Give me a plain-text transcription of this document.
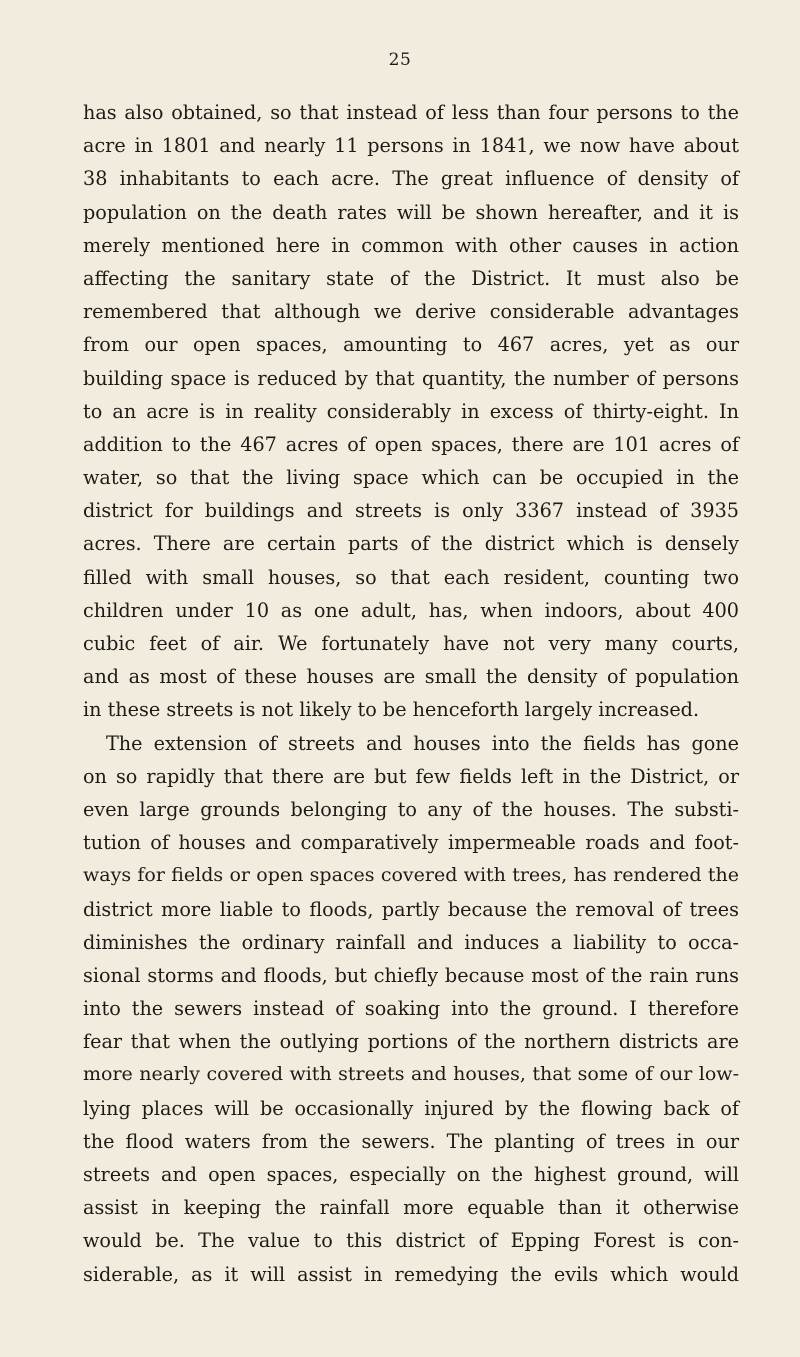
25
has also obtained, so that instead of less than four persons to the
acre in 1801 and nearly 11 persons in 1841, we now have about
38 inhabitants to each acre. The great influence of density of
population on the death rates will be shown hereafter, and it is
merely mentioned here in common with other causes in action
affecting the sanitary state of the District. It must also be
remembered that although we derive considerable advantages
from our open spaces, amounting to 467 acres, yet as our
building space is reduced by that quantity, the number of persons
to an acre is in reality considerably in excess of thirty-eight. In
addition to the 467 acres of open spaces, there are 101 acres of
water, so that the living space which can be occupied in the
district for buildings and streets is only 3367 instead of 3935
acres. There are certain parts of the district which is densely
filled with small houses, so that each resident, counting two
children under 10 as one adult, has, when indoors, about 400
cubic feet of air. We fortunately have not very many courts,
and as most of these houses are small the density of population
in these streets is not likely to be henceforth largely increased.
The extension of streets and houses into the fields has gone
on so rapidly that there are but few fields left in the District, or
even large grounds belonging to any of the houses. The substi-
tution of houses and comparatively impermeable roads and foot-
ways for fields or open spaces covered with trees, has rendered the
district more liable to floods, partly because the removal of trees
diminishes the ordinary rainfall and induces a liability to occa-
sional storms and floods, but chiefly because most of the rain runs
into the sewers instead of soaking into the ground. I therefore
fear that when the outlying portions of the northern districts are
more nearly covered with streets and houses, that some of our low-
lying places will be occasionally injured by the flowing back of
the flood waters from the sewers. The planting of trees in our
streets and open spaces, especially on the highest ground, will
assist in keeping the rainfall more equable than it otherwise
would be. The value to this district of Epping Forest is con-
siderable, as it will assist in remedying the evils which would
